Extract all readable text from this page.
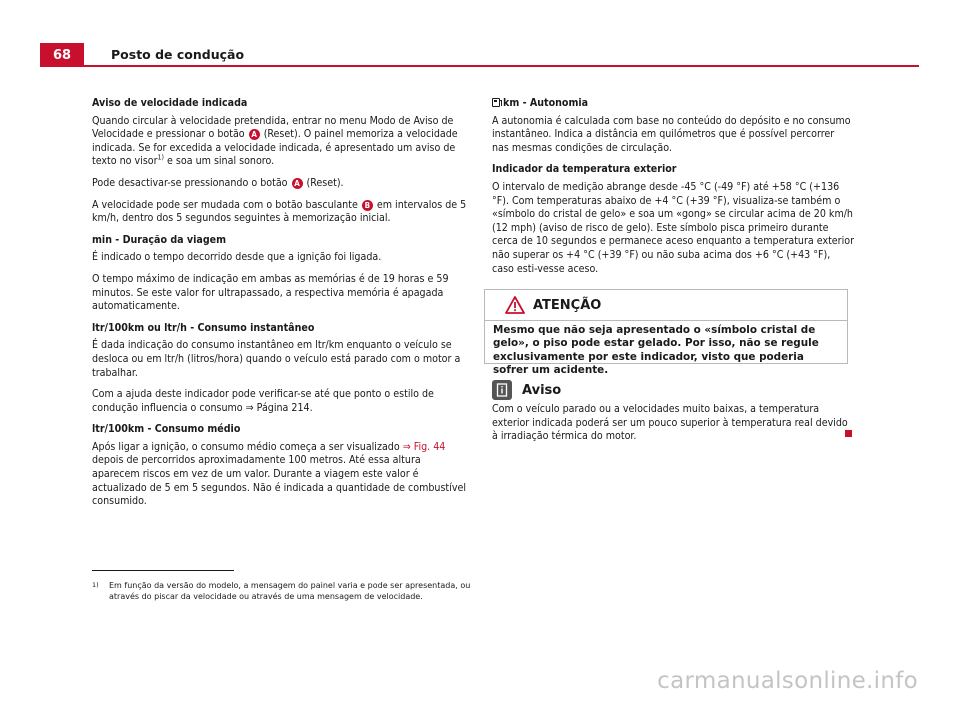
68	Posto de condução
Aviso de velocidade indicada

Quando circular à velocidade pretendida, entrar no menu Modo de Aviso de Velocidade e pressionar o botão A (Reset). O painel memoriza a velocidade indicada. Se for excedida a velocidade indicada, é apresentado um aviso de texto no visor$^{1)}$ e soa um sinal sonoro.

Pode desactivar-se pressionando o botão A (Reset).

A velocidade pode ser mudada com o botão basculante B em intervalos de 5 km/h, dentro dos 5 segundos seguintes à memorização inicial.

min - Duração da viagem

É indicado o tempo decorrido desde que a ignição foi ligada.

O tempo máximo de indicação em ambas as memórias é de 19 horas e 59 minutos. Se este valor for ultrapassado, a respectiva memória é apagada automaticamente.

ltr/100km ou ltr/h - Consumo instantâneo

É dada indicação do consumo instantâneo em ltr/km enquanto o veículo se desloca ou em ltr/h (litros/hora) quando o veículo está parado com o motor a trabalhar.

Com a ajuda deste indicador pode verificar-se até que ponto o estilo de condução influencia o consumo ⇒ Página 214.

ltr/100km - Consumo médio

Após ligar a ignição, o consumo médio começa a ser visualizado ⇒ Fig. 44 depois de percorridos aproximadamente 100 metros. Até essa altura aparecem riscos em vez de um valor. Durante a viagem este valor é actualizado de 5 em 5 segundos. Não é indicada a quantidade de combustível consumido.

km - Autonomia

A autonomia é calculada com base no conteúdo do depósito e no consumo instantâneo. Indica a distância em quilómetros que é possível percorrer nas mesmas condições de circulação.

Indicador da temperatura exterior

O intervalo de medição abrange desde -45 °C (-49 °F) até +58 °C (+136 °F). Com temperaturas abaixo de +4 °C (+39 °F), visualiza-se também o «símbolo do cristal de gelo» e soa um «gong» se circular acima de 20 km/h (12 mph) (aviso de risco de gelo). Este símbolo pisca primeiro durante cerca de 10 segundos e permanece aceso enquanto a temperatura exterior não superar os +4 °C (+39 °F) ou não suba acima dos +6 °C (+43 °F), caso esti-vesse aceso.

ATENÇÃO
Mesmo que não seja apresentado o «símbolo cristal de gelo», o piso pode estar gelado. Por isso, não se regule exclusivamente por este indicador, visto que poderia sofrer um acidente.
Aviso
Com o veículo parado ou a velocidades muito baixas, a temperatura exterior indicada poderá ser um pouco superior à temperatura real devido à irradiação térmica do motor.
1)	Em função da versão do modelo, a mensagem do painel varia e pode ser apresentada, ou através do piscar da velocidade ou através de uma mensagem de velocidade.
carmanualsonline.info
